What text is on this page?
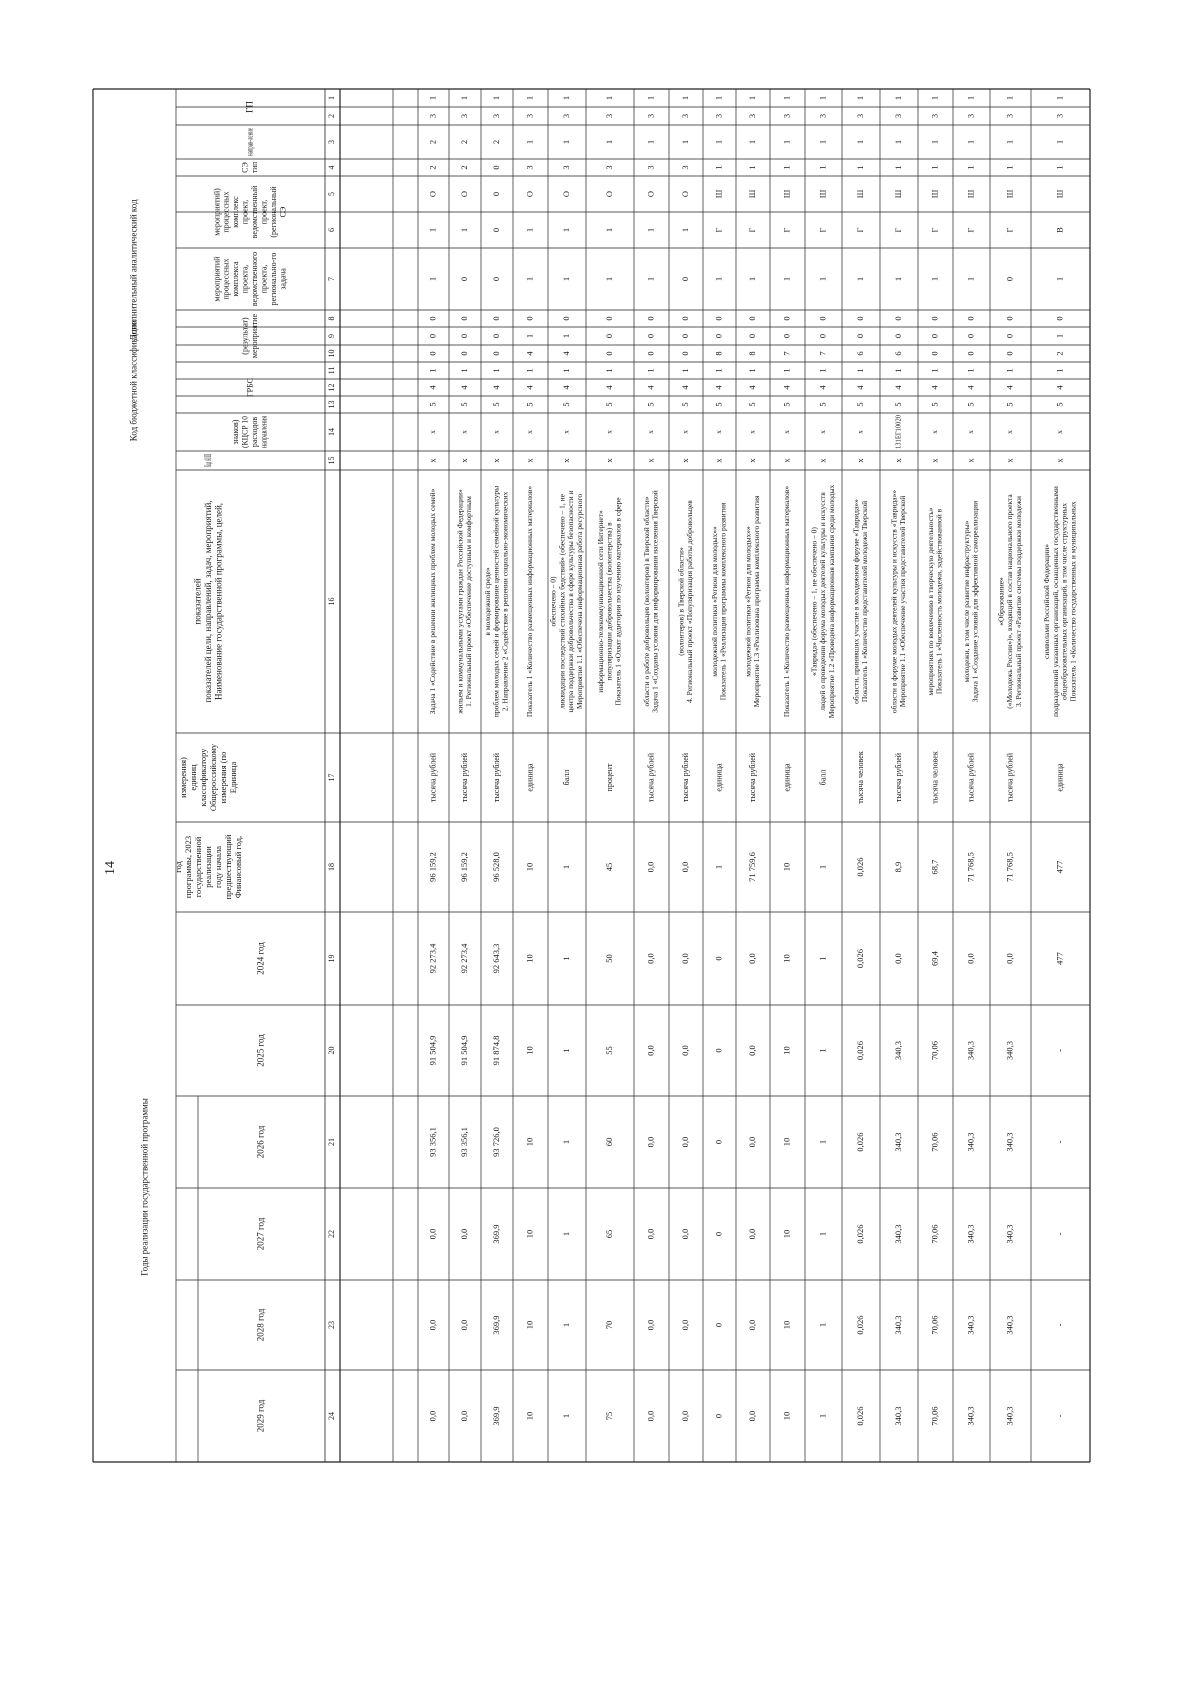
Дополнительный аналитический код
Код бюджетной классификации
Наименование государственной программы, целей,
показателей цели, направлений, задач, мероприятий,
показателей
Единица
измерения (по
Общероссийскому
классификатору
единиц
измерения)
Финансовый год,
предшествующий
году начала
реализации
государственной
программы, 2023
год
Годы реализации государственной программы
ГП
направ-ление
тип
СЭ
СЭ
(региональный
проект,
ведомственный
проект,
комплекс
процессных
мероприятий)
задача
регионально-го
проекта,
ведомственного
проекта,
комплекса
процессных
мероприятий
мероприятие
(результат)
ГРБС
направления
расходов
(КЦСР 10
знаков)
2024 год
2025 год
2026 год
2027 год
2028 год
2029 год
1
2
3
4
5
6
7
8
9
10
11
12
13
14
15
16
17
18
19
20
21
22
23
24
1
3
1
1
Ш
В
1
0
1
2
1
4
5
х
х
Показатель 1 «Количество государственных и муниципальных
общеобразовательных организаций, в том числе структурных
подразделений указанных организаций, оснащенных государственными
символами Российской Федерации»
единица
477
477
-
-
-
-
-
1
3
1
1
Ш
Г
0
0
0
0
1
4
5
х
х
3. Региональный проект «Развитие системы поддержки молодежи
(«Молодежь России»)», входящий в состав национального проекта
«Образование»
тысяча рублей
71 768,5
0,0
340,3
340,3
340,3
340,3
340,3
1
3
1
1
Ш
Г
1
0
0
0
1
4
5
х
х
Задача 1 «Создание условий для эффективной самореализации
молодежи, в том числе развитие инфраструктуры»
тысяча рублей
71 768,5
0,0
340,3
340,3
340,3
340,3
340,3
1
3
1
1
Ш
Г
1
0
0
0
1
4
5
х
х
Показатель 1 «Численность молодежи, задействованной в
мероприятиях по вовлечению в творческую деятельность»
тысяча человек
68,7
69,4
70,06
70,06
70,06
70,06
70,06
1
3
1
1
Ш
Г
1
0
0
6
1
4
5
131ЕГ10020
х
Мероприятие 1.1 «Обеспечение участия представителей Тверской
области в форуме молодых деятелей культуры и искусств «Таврида»»
тысяча рублей
8,9
0,0
340,3
340,3
340,3
340,3
340,3
1
3
1
1
Ш
Г
1
0
0
6
1
4
5
х
х
Показатель 1 «Количество представителей молодежи Тверской
области, принявших участие в молодежном форуме «Таврида»»
тысяча человек
0,026
0,026
0,026
0,026
0,026
0,026
0,026
1
3
1
1
Ш
Г
1
0
0
7
1
4
5
х
х
Мероприятие 1.2 «Проведена информационная кампания среди молодых
людей о проведении форума молодых деятелей культуры и искусств
«Таврида» (обеспечено – 1, не обеспечено – 0)
балл
1
1
1
1
1
1
1
1
3
1
1
Ш
Г
1
0
0
7
1
4
5
х
х
Показатель 1 «Количество размещенных информационных материалов»
единица
10
10
10
10
10
10
10
1
3
1
1
Ш
Г
1
0
0
8
1
4
5
х
х
Мероприятие 1.3 «Реализована программа комплексного развития
молодежной политики «Регион для молодых»»
тысяча рублей
71 759,6
0,0
0,0
0,0
0,0
0,0
0,0
1
3
1
1
Ш
Г
1
0
0
8
1
4
5
х
х
Показатель 1 «Реализация программы комплексного развития
молодежной политики «Регион для молодых»»
единица
1
0
0
0
0
0
0
1
3
1
3
О
1
0
0
0
0
1
4
5
х
х
4. Региональный проект «Популяризация работы добровольцев
(волонтеров) в Тверской области»
тысяча рублей
0,0
0,0
0,0
0,0
0,0
0,0
0,0
1
3
1
3
О
1
1
0
0
0
1
4
5
х
х
Задача 1 «Созданы условия для информирования населения Тверской
области о работе добровольцев (волонтеров) в Тверской области»
тысяча рублей
0,0
0,0
0,0
0,0
0,0
0,0
0,0
1
3
1
3
О
1
1
0
0
0
1
4
5
х
х
Показатель 1 «Охват аудитории по изучению материалов в сфере
популяризации добровольчества (волонтерства) в
информационно-телекоммуникационной сети Интернет»
процент
45
50
55
60
65
70
75
1
3
1
3
О
1
1
0
1
4
1
4
5
х
х
Мероприятие 1.1 «Обеспечена информационная работа ресурсного
центра поддержки добровольчества в сфере культуры безопасности и
ликвидации последствий стихийных бедствий» (обеспечено – 1, не
обеспечено – 0)
балл
1
1
1
1
1
1
1
1
3
1
3
О
1
1
0
1
4
1
4
5
х
х
Показатель 1 «Количество размещенных информационных материалов»
единица
10
10
10
10
10
10
10
1
3
2
0
0
0
0
0
0
0
1
4
5
х
х
2. Направление 2 «Содействие в решении социально-экономических
проблем молодых семей и формирование ценностей семейной культуры
в молодежной среде»
тысяча рублей
96 528,0
92 643,3
91 874,8
93 726,0
369,9
369,9
369,9
1
3
2
2
О
1
0
0
0
0
1
4
5
х
х
1. Региональный проект «Обеспечение доступным и комфортным
жильем и коммунальными услугами граждан Российской Федерации»
тысяча рублей
96 159,2
92 273,4
91 504,9
93 356,1
0,0
0,0
0,0
1
3
2
2
О
1
1
0
0
0
1
4
5
х
х
Задача 1 «Содействие в решении жилищных проблем молодых семей»
тысяча рублей
96 159,2
92 273,4
91 504,9
93 356,1
0,0
0,0
0,0
14
